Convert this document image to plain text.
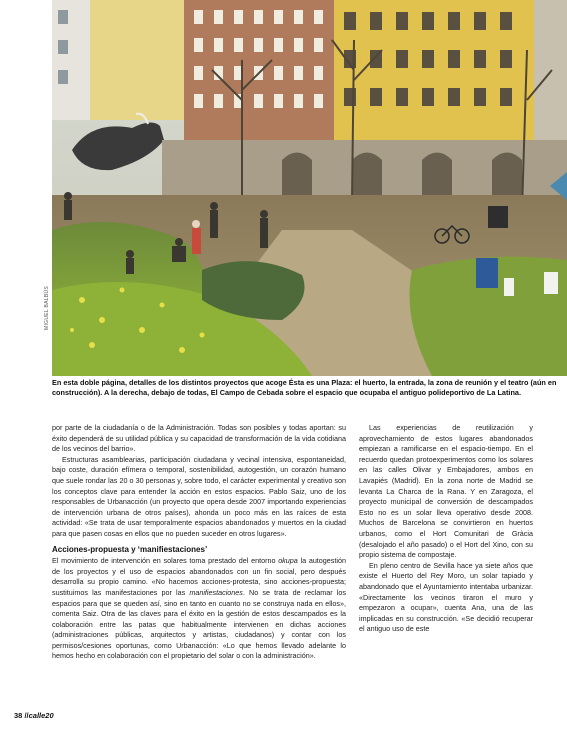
MIGUEL BALBÚS
En esta doble página, detalles de los distintos proyectos que acoge Ésta es una Plaza: el huerto, la entrada, la zona de reunión y el teatro (aún en construcción). A la derecha, debajo de todas, El Campo de Cebada sobre el espacio que ocupaba el antiguo polideportivo de La Latina.

por parte de la ciudadanía o de la Administración. Todas son posibles y todas aportan: su éxito dependerá de su utilidad pública y su capacidad de transformación de la vida cotidiana de los vecinos del barrio».

Estructuras asamblearias, participación ciudadana y vecinal intensiva, espontaneidad, bajo coste, duración efímera o temporal, sostenibilidad, autogestión, un corazón humano que suele rondar las 20 o 30 personas y, sobre todo, el carácter experimental y creativo son los conceptos clave para entender la acción en estos espacios. Pablo Saiz, uno de los responsables de Urbanacción (un proyecto que opera desde 2007 importando experiencias de intervención urbana de otros países), ahonda un poco más en las raíces de esta actividad: «Se trata de usar temporalmente espacios abandonados y muertos en la ciudad para que pasen cosas en ellos que no pueden suceder en otros lugares».

Acciones-propuesta y ‘manifiestaciones’

El movimiento de intervención en solares toma prestado del entorno okupa la autogestión de los proyectos y el uso de espacios abandonados con un fin social, pero después desarrolla su propio camino. «No hacemos acciones-protesta, sino acciones-propuesta; sustituimos las manifestaciones por las manifiestaciones. No se trata de reclamar los espacios para que se queden así, sino en tanto en cuanto no se construya nada en ellos», comenta Saiz. Otra de las claves para el éxito en la gestión de estos descampados es la colaboración entre las patas que habitualmente intervienen en dichas acciones (administraciones públicas, arquitectos y artistas, ciudadanos) y contar con los permisos/cesiones oportunas, como Urbanacción: «Lo que hemos llevado adelante lo hemos hecho en colaboración con el propietario del solar o con la administración».

Las experiencias de reutilización y aprovechamiento de estos lugares abandonados empiezan a ramificarse en el espacio-tiempo. En el recuerdo quedan protoexperimentos como los solares en las calles Olivar y Embajadores, ambos en Lavapiés (Madrid). En la zona norte de Madrid se levanta La Charca de la Rana. Y en Zaragoza, el proyecto municipal de conversión de descampados Esto no es un solar lleva operativo desde 2008. Muchos de Barcelona se convirtieron en huertos urbanos, como el Hort Comunitari de Gràcia (desalojado el año pasado) o el Hort del Xino, con su propio sistema de compostaje.

En pleno centro de Sevilla hace ya siete años que existe el Huerto del Rey Moro, un solar tapiado y abandonado que el Ayuntamiento intentaba urbanizar. «Directamente los vecinos tiraron el muro y empezaron a ocupar», cuenta Ana, una de las implicadas en su construcción. «Se decidió recuperar el antiguo uso de este

38 //calle20
